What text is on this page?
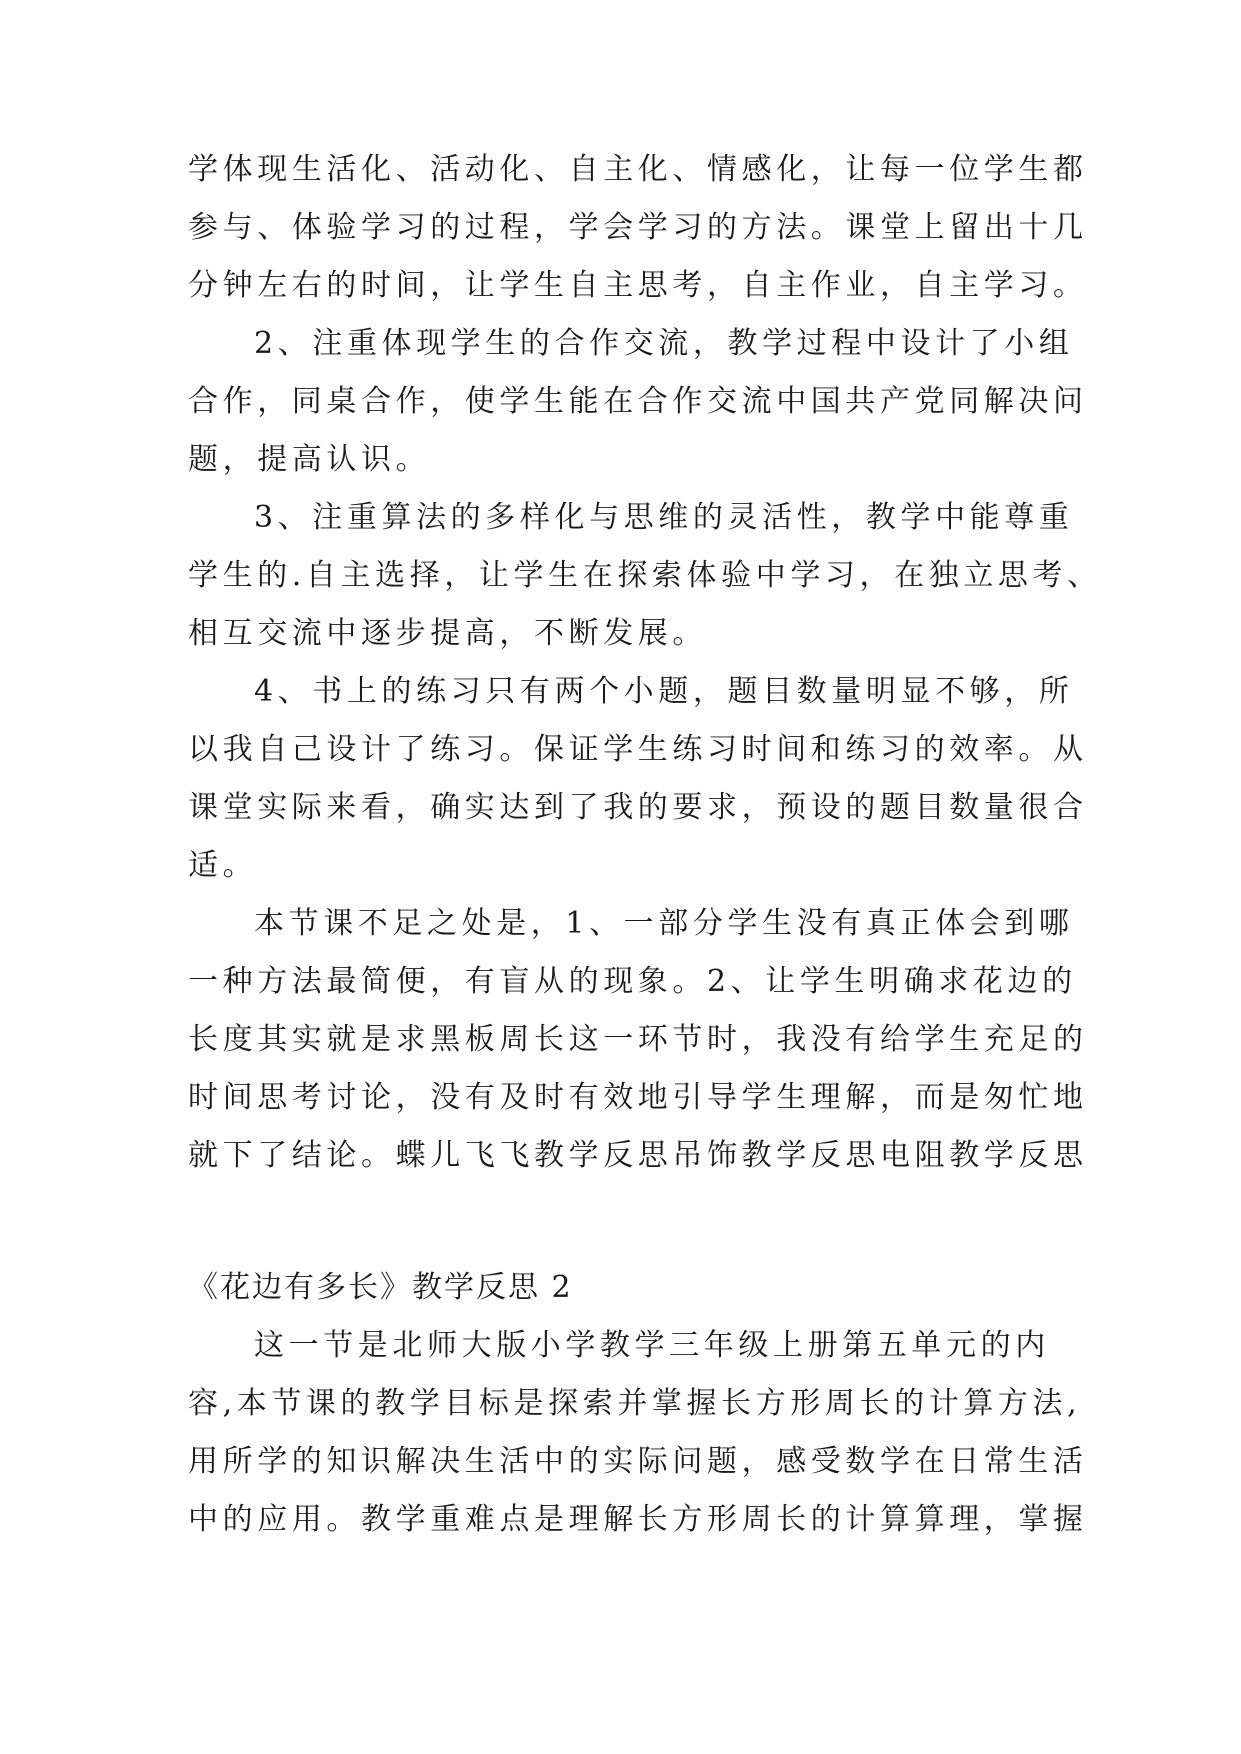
学体现生活化、活动化、自主化、情感化，让每一位学生都
参与、体验学习的过程，学会学习的方法。课堂上留出十几
分钟左右的时间，让学生自主思考，自主作业，自主学习。
2、注重体现学生的合作交流，教学过程中设计了小组
合作，同桌合作，使学生能在合作交流中国共产党同解决问
题，提高认识。
3、注重算法的多样化与思维的灵活性，教学中能尊重
学生的.自主选择，让学生在探索体验中学习，在独立思考、
相互交流中逐步提高，不断发展。
4、书上的练习只有两个小题，题目数量明显不够，所
以我自己设计了练习。保证学生练习时间和练习的效率。从
课堂实际来看，确实达到了我的要求，预设的题目数量很合
适。
本节课不足之处是，1、一部分学生没有真正体会到哪
一种方法最简便，有盲从的现象。2、让学生明确求花边的
长度其实就是求黑板周长这一环节时，我没有给学生充足的
时间思考讨论，没有及时有效地引导学生理解，而是匆忙地
就下了结论。蝶儿飞飞教学反思吊饰教学反思电阻教学反思
《花边有多长》教学反思 2
这一节是北师大版小学教学三年级上册第五单元的内
容,本节课的教学目标是探索并掌握长方形周长的计算方法,
用所学的知识解决生活中的实际问题，感受数学在日常生活
中的应用。教学重难点是理解长方形周长的计算算理，掌握
